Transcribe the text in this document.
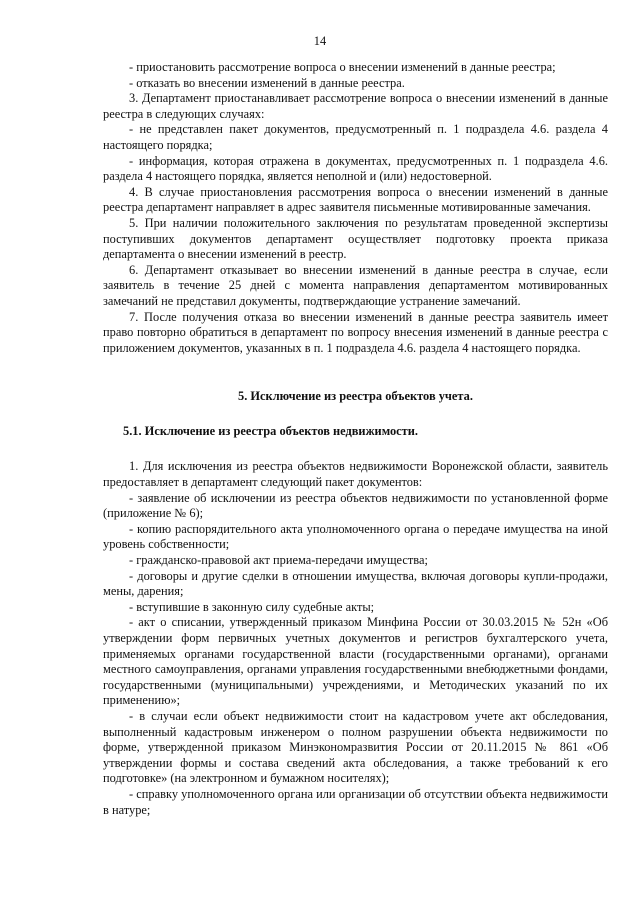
14

- приостановить рассмотрение вопроса о внесении изменений в данные реестра;

- отказать во внесении изменений в данные реестра.

3. Департамент приостанавливает рассмотрение вопроса о внесении изменений в данные реестра в следующих случаях:

- не представлен пакет документов, предусмотренный п. 1 подраздела 4.6. раздела 4 настоящего порядка;

- информация, которая отражена в документах, предусмотренных п. 1 подраздела 4.6. раздела 4 настоящего порядка, является неполной и (или) недостоверной.

4. В случае приостановления рассмотрения вопроса о внесении изменений в данные реестра департамент направляет в адрес заявителя письменные мотивированные замечания.

5. При наличии положительного заключения по результатам проведенной экспертизы поступивших документов департамент осуществляет подготовку проекта приказа департамента о внесении изменений в реестр.

6. Департамент отказывает во внесении изменений в данные реестра в случае, если заявитель в течение 25 дней с момента направления департаментом мотивированных замечаний не представил документы, подтверждающие устранение замечаний.

7. После получения отказа во внесении изменений в данные реестра заявитель имеет право повторно обратиться в департамент по вопросу внесения изменений в данные реестра с приложением документов, указанных в п. 1 подраздела 4.6. раздела 4 настоящего порядка.

5. Исключение из реестра объектов учета.

5.1. Исключение из реестра объектов недвижимости.

1. Для исключения из реестра объектов недвижимости Воронежской области, заявитель предоставляет в департамент следующий пакет документов:

- заявление об исключении из реестра объектов недвижимости по установленной форме (приложение № 6);

- копию распорядительного акта уполномоченного органа о передаче имущества на иной уровень собственности;

- гражданско-правовой акт приема-передачи имущества;

- договоры и другие сделки в отношении имущества, включая договоры купли-продажи, мены, дарения;

- вступившие в законную силу судебные акты;

- акт о списании, утвержденный приказом Минфина России от 30.03.2015 № 52н «Об утверждении форм первичных учетных документов и регистров бухгалтерского учета, применяемых органами государственной власти (государственными органами), органами местного самоуправления, органами управления государственными внебюджетными фондами, государственными (муниципальными) учреждениями, и Методических указаний по их применению»;

- в случаи если объект недвижимости стоит на кадастровом учете акт обследования, выполненный кадастровым инженером о полном разрушении объекта недвижимости по форме, утвержденной приказом Минэкономразвития России от 20.11.2015 № 861 «Об утверждении формы и состава сведений акта обследования, а также требований к его подготовке» (на электронном и бумажном носителях);

- справку уполномоченного органа или организации об отсутствии объекта недвижимости в натуре;
